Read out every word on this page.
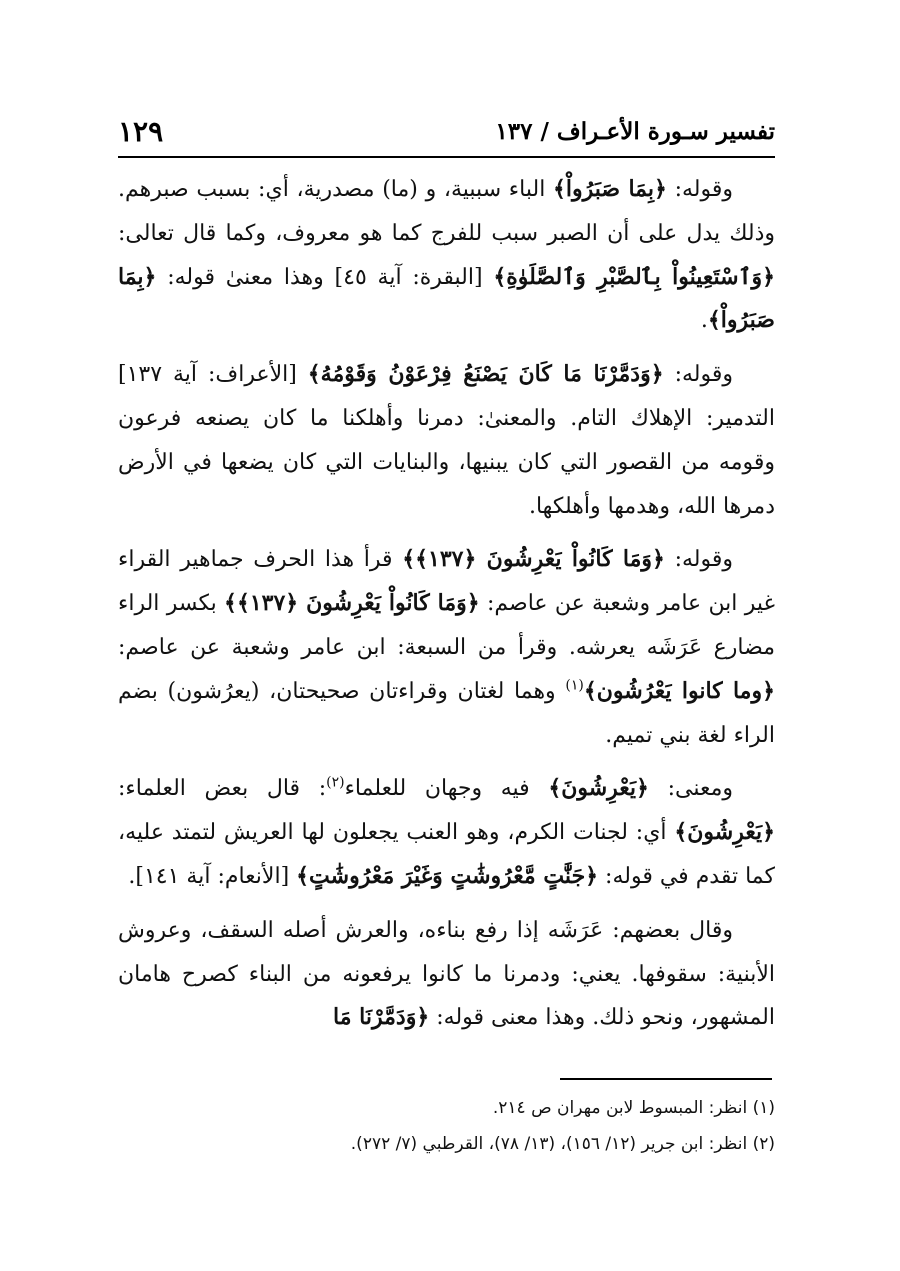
تفسير سـورة الأعـراف / ١٣٧
١٢٩

وقوله: ﴿بِمَا صَبَرُواْ﴾ الباء سببية، و (ما) مصدرية، أي: بسبب صبرهم. وذلك يدل على أن الصبر سبب للفرج كما هو معروف، وكما قال تعالى: ﴿وَٱسْتَعِينُواْ بِٱلصَّبْرِ وَٱلصَّلَوٰةِ﴾ [البقرة: آية ٤٥] وهذا معنىٰ قوله: ﴿بِمَا صَبَرُواْ﴾.

وقوله: ﴿وَدَمَّرْنَا مَا كَانَ يَصْنَعُ فِرْعَوْنُ وَقَوْمُهُ﴾ [الأعراف: آية ١٣٧] التدمير: الإهلاك التام. والمعنىٰ: دمرنا وأهلكنا ما كان يصنعه فرعون وقومه من القصور التي كان يبنيها، والبنايات التي كان يضعها في الأرض دمرها الله، وهدمها وأهلكها.

وقوله: ﴿وَمَا كَانُواْ يَعْرِشُونَ ﴿١٣٧﴾﴾ قرأ هذا الحرف جماهير القراء غير ابن عامر وشعبة عن عاصم: ﴿وَمَا كَانُواْ يَعْرِشُونَ ﴿١٣٧﴾﴾ بكسر الراء مضارع عَرَشَه يعرشه. وقرأ من السبعة: ابن عامر وشعبة عن عاصم: ﴿وما كانوا يَعْرُشُون﴾$^{(١)}$ وهما لغتان وقراءتان صحيحتان، (يعرُشون) بضم الراء لغة بني تميم.

ومعنى: ﴿يَعْرِشُونَ﴾ فيه وجهان للعلماء$^{(٢)}$: قال بعض العلماء: ﴿يَعْرِشُونَ﴾ أي: لجنات الكرم، وهو العنب يجعلون لها العريش لتمتد عليه، كما تقدم في قوله: ﴿جَنَّٰتٍ مَّعْرُوشَٰتٍ وَغَيْرَ مَعْرُوشَٰتٍ﴾ [الأنعام: آية ١٤١].

وقال بعضهم: عَرَشَه إذا رفع بناءه، والعرش أصله السقف، وعروش الأبنية: سقوفها. يعني: ودمرنا ما كانوا يرفعونه من البناء كصرح هامان المشهور، ونحو ذلك. وهذا معنى قوله: ﴿وَدَمَّرْنَا مَا

(١) انظر: المبسوط لابن مهران ص ٢١٤.
(٢) انظر: ابن جرير (١٢/ ١٥٦)، (١٣/ ٧٨)، القرطبي (٧/ ٢٧٢).
